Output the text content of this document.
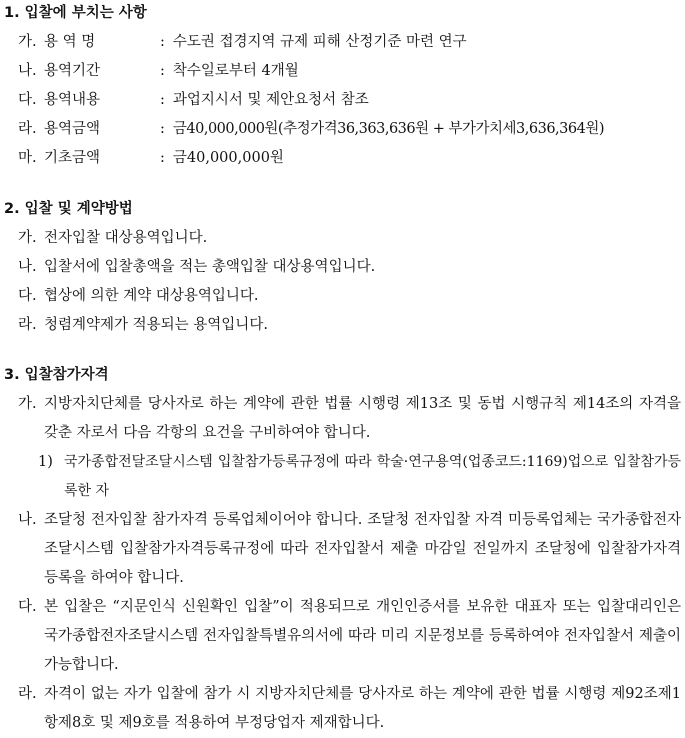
1. 입찰에 부치는 사항
가. 용 역 명	: 수도권 접경지역 규제 피해 산정기준 마련 연구
나. 용역기간	: 착수일로부터 4개월
다. 용역내용	: 과업지시서 및 제안요청서 참조
라. 용역금액	: 금40,000,000원(추정가격36,363,636원 + 부가가치세3,636,364원)
마. 기초금액	: 금40,000,000원
2. 입찰 및 계약방법
가. 전자입찰 대상용역입니다.
나. 입찰서에 입찰총액을 적는 총액입찰 대상용역입니다.
다. 협상에 의한 계약 대상용역입니다.
라. 청렴계약제가 적용되는 용역입니다.
3. 입찰참가자격
가. 지방자치단체를 당사자로 하는 계약에 관한 법률 시행령 제13조 및 동법 시행규칙 제14조의 자격을 갖춘 자로서 다음 각항의 요건을 구비하여야 합니다.
1) 국가종합전달조달시스템 입찰참가등록규정에 따라 학술·연구용역(업종코드:1169)업으로 입찰참가등록한 자
나. 조달청 전자입찰 참가자격 등록업체이어야 합니다. 조달청 전자입찰 자격 미등록업체는 국가종합전자조달시스템 입찰참가자격등록규정에 따라 전자입찰서 제출 마감일 전일까지 조달청에 입찰참가자격 등록을 하여야 합니다.
다. 본 입찰은 “지문인식 신원확인 입찰”이 적용되므로 개인인증서를 보유한 대표자 또는 입찰대리인은 국가종합전자조달시스템 전자입찰특별유의서에 따라 미리 지문정보를 등록하여야 전자입찰서 제출이 가능합니다.
라. 자격이 없는 자가 입찰에 참가 시 지방자치단체를 당사자로 하는 계약에 관한 법률 시행령 제92조제1항제8호 및 제9호를 적용하여 부정당업자 제재합니다.
